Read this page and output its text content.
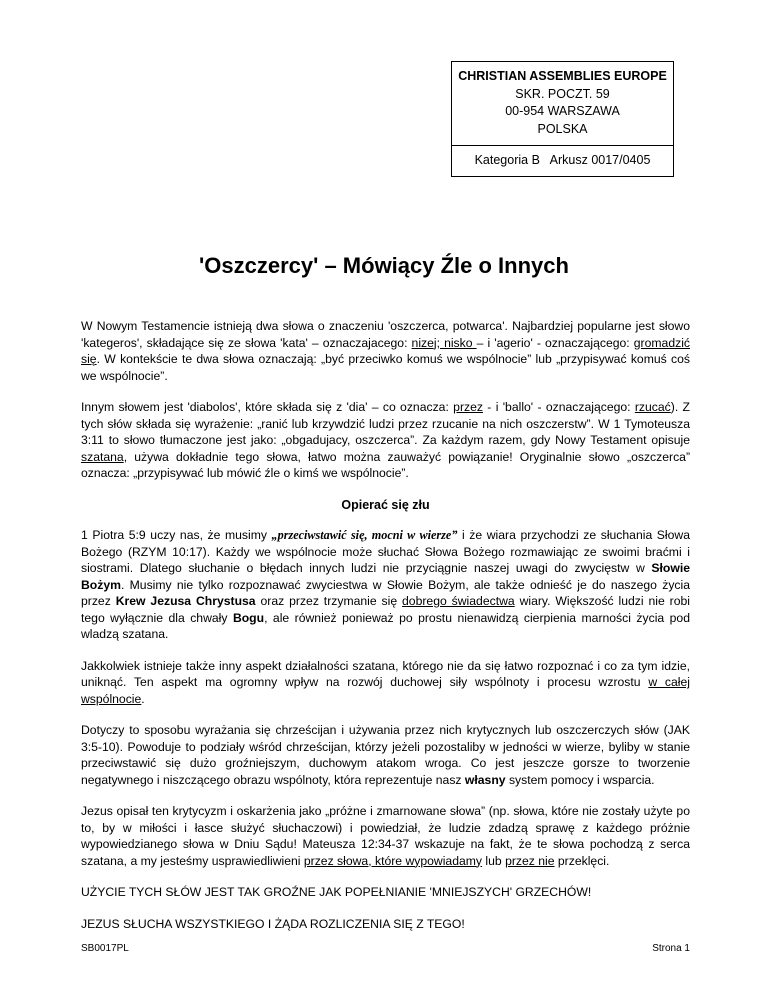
CHRISTIAN ASSEMBLIES EUROPE
SKR. POCZT. 59
00-954 WARSZAWA
POLSKA
Kategoria B   Arkusz 0017/0405
'Oszczercy' – Mówiący Źle o Innych

W Nowym Testamencie istnieją dwa słowa o znaczeniu 'oszczerca, potwarca'. Najbardziej popularne jest słowo 'kategeros', składające się ze słowa 'kata' – oznaczajacego: nizej; nisko – i 'agerio' - oznaczającego: gromadzić się. W kontekście te dwa słowa oznaczają: „być przeciwko komuś we wspólnocie” lub „przypisywać komuś coś we wspólnocie”.

Innym słowem jest 'diabolos', które składa się z 'dia' – co oznacza: przez - i 'ballo' - oznaczającego: rzucać). Z tych słów składa się wyrażenie: „ranić lub krzywdzić ludzi przez rzucanie na nich oszczerstw”. W 1 Tymoteusza 3:11 to słowo tłumaczone jest jako: „obgadujacy, oszczerca”. Za każdym razem, gdy Nowy Testament opisuje szatana, używa dokładnie tego słowa, łatwo można zauważyć powiązanie! Oryginalnie słowo „oszczerca” oznacza: „przypisywać lub mówić źle o kimś we wspólnocie”.

Opierać się złu

1 Piotra 5:9 uczy nas, że musimy „przeciwstawić się, mocni w wierze” i że wiara przychodzi ze słuchania Słowa Bożego (RZYM 10:17). Każdy we wspólnocie może słuchać Słowa Bożego rozmawiając ze swoimi braćmi i siostrami. Dlatego słuchanie o błędach innych ludzi nie przyciągnie naszej uwagi do zwycięstw w Słowie Bożym. Musimy nie tylko rozpoznawać zwyciestwa w Słowie Bożym, ale także odnieść je do naszego życia przez Krew Jezusa Chrystusa oraz przez trzymanie się dobrego świadectwa wiary. Większość ludzi nie robi tego wyłącznie dla chwały Bogu, ale również ponieważ po prostu nienawidzą cierpienia marności życia pod wladzą szatana.

Jakkolwiek istnieje także inny aspekt działalności szatana, którego nie da się łatwo rozpoznać i co za tym idzie, uniknąć. Ten aspekt ma ogromny wpływ na rozwój duchowej siły wspólnoty i procesu wzrostu w całej wspólnocie.

Dotyczy to sposobu wyrażania się chrześcijan i używania przez nich krytycznych lub oszczerczych słów (JAK 3:5-10). Powoduje to podziały wśród chrześcijan, którzy jeżeli pozostaliby w jedności w wierze, byliby w stanie przeciwstawić się dużo groźniejszym, duchowym atakom wroga. Co jest jeszcze gorsze to tworzenie negatywnego i niszczącego obrazu wspólnoty, która reprezentuje nasz własny system pomocy i wsparcia.

Jezus opisał ten krytycyzm i oskarżenia jako „próżne i zmarnowane słowa” (np. słowa, które nie zostały użyte po to, by w miłości i łasce służyć słuchaczowi) i powiedział, że ludzie zdadzą sprawę z każdego próżnie wypowiedzianego słowa w Dniu Sądu! Mateusza 12:34-37 wskazuje na fakt, że te słowa pochodzą z serca szatana, a my jesteśmy usprawiedliwieni przez słowa, które wypowiadamy lub przez nie przeklęci.

UŻYCIE TYCH SŁÓW JEST TAK GROŹNE JAK POPEŁNIANIE 'MNIEJSZYCH' GRZECHÓW!

JEZUS SŁUCHA WSZYSTKIEGO I ŻĄDA ROZLICZENIA SIĘ Z TEGO!

SB0017PL	Strona 1
